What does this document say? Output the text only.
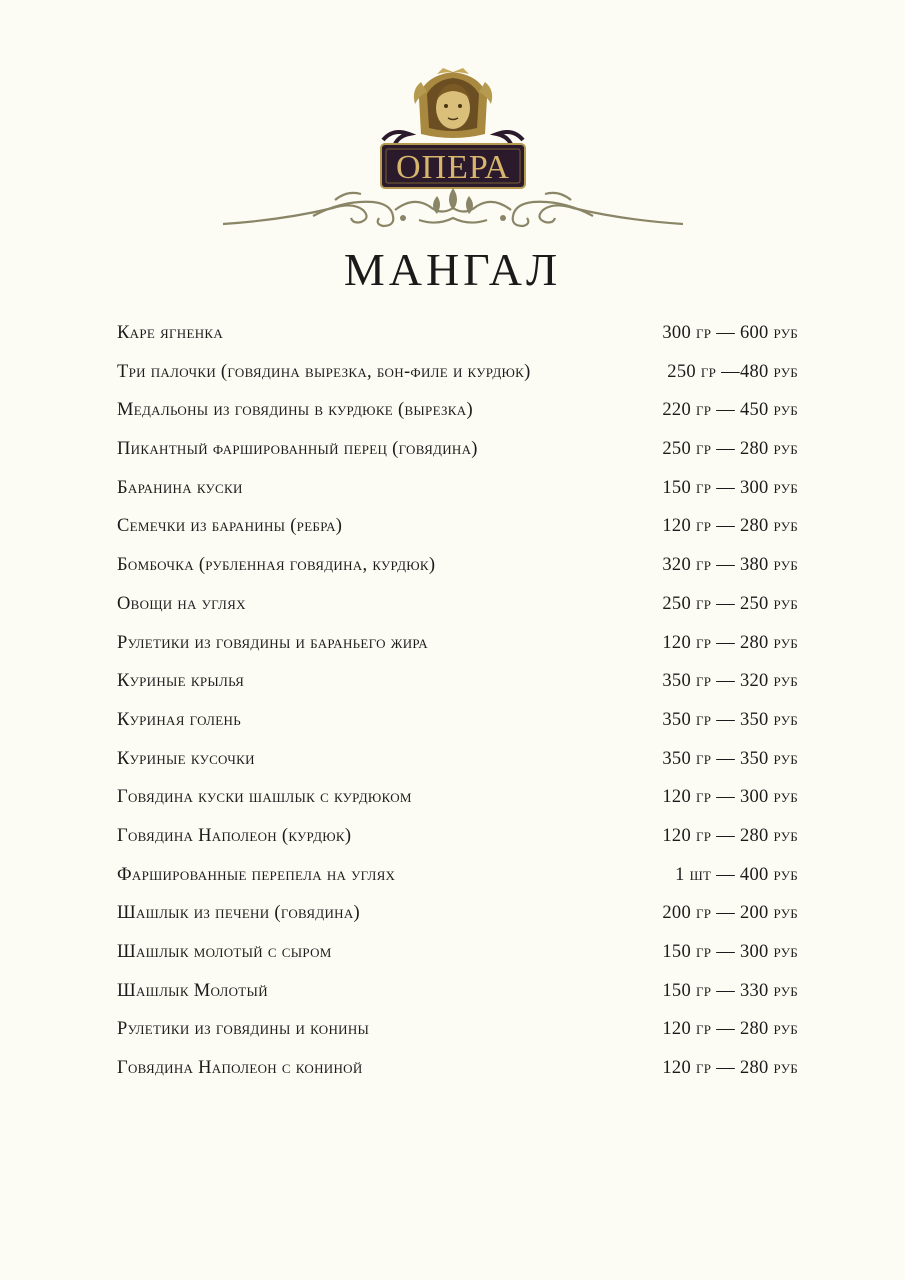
ОПЕРА
МАНГАЛ
Каре ягненка	300 гр — 600 руб
Три палочки (говядина вырезка, бон-филе и курдюк)	250 гр —480 руб
Медальоны из говядины в курдюке (вырезка)	220 гр — 450 руб
Пикантный фаршированный перец (говядина)	250 гр — 280 руб
Баранина куски	150 гр — 300 руб
Семечки из баранины (ребра)	120 гр — 280 руб
Бомбочка (рубленная говядина, курдюк)	320 гр — 380 руб
Овощи на углях	250 гр — 250 руб
Рулетики из говядины и бараньего жира	120 гр — 280 руб
Куриные крылья	350 гр — 320 руб
Куриная голень	350 гр — 350 руб
Куриные кусочки	350 гр — 350 руб
Говядина куски шашлык с курдюком	120 гр — 300 руб
Говядина Наполеон (курдюк)	120 гр — 280 руб
Фаршированные перепела на углях	1 шт — 400 руб
Шашлык из печени (говядина)	200 гр — 200 руб
Шашлык молотый с сыром	150 гр — 300 руб
Шашлык Молотый	150 гр — 330 руб
Рулетики из говядины и конины	120 гр — 280 руб
Говядина Наполеон с кониной	120 гр — 280 руб
